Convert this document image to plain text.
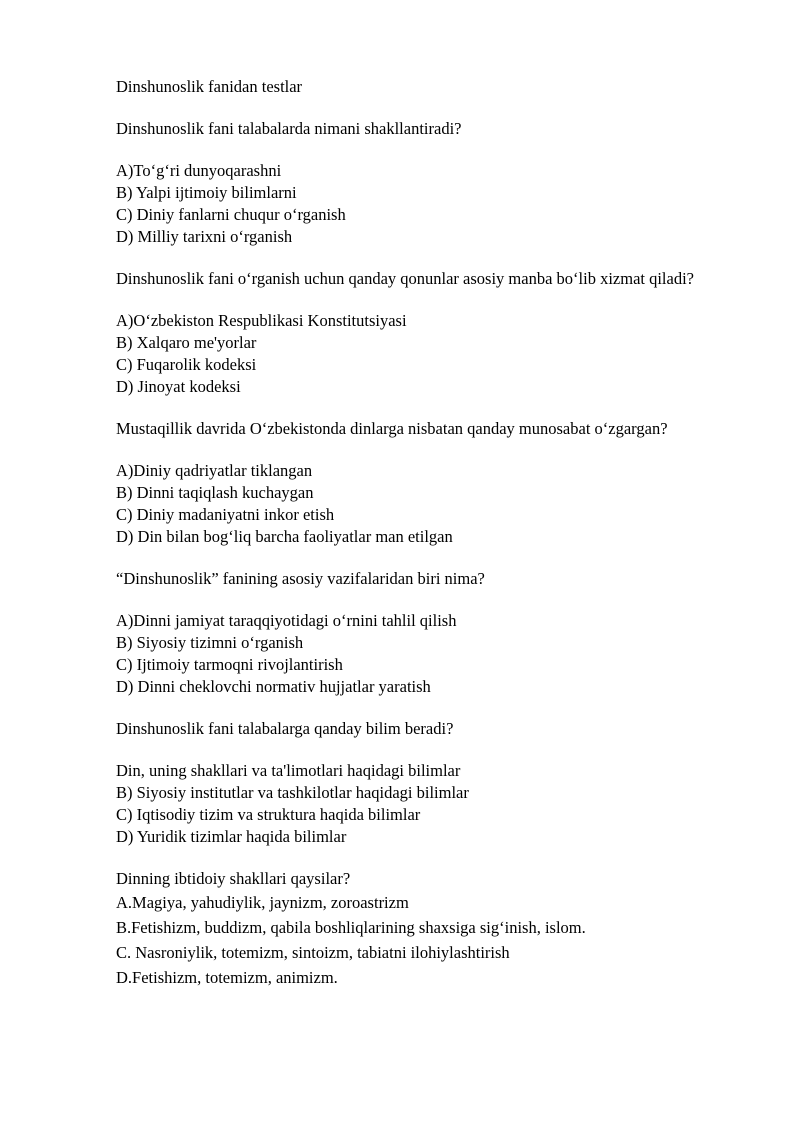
Dinshunoslik fanidan testlar
Dinshunoslik fani talabalarda nimani shakllantiradi?
A)To‘g‘ri dunyoqarashni
B) Yalpi ijtimoiy bilimlarni
C) Diniy fanlarni chuqur o‘rganish
D) Milliy tarixni o‘rganish
Dinshunoslik fani o‘rganish uchun qanday qonunlar asosiy manba bo‘lib xizmat qiladi?
A)O‘zbekiston Respublikasi Konstitutsiyasi
B) Xalqaro me'yorlar
C) Fuqarolik kodeksi
D) Jinoyat kodeksi
Mustaqillik davrida O‘zbekistonda dinlarga nisbatan qanday munosabat o‘zgargan?
A)Diniy qadriyatlar tiklangan
B) Dinni taqiqlash kuchaygan
C) Diniy madaniyatni inkor etish
D) Din bilan bog‘liq barcha faoliyatlar man etilgan
“Dinshunoslik” fanining asosiy vazifalaridan biri nima?
A)Dinni jamiyat taraqqiyotidagi o‘rnini tahlil qilish
B) Siyosiy tizimni o‘rganish
C) Ijtimoiy tarmoqni rivojlantirish
D) Dinni cheklovchi normativ hujjatlar yaratish
Dinshunoslik fani talabalarga qanday bilim beradi?
Din, uning shakllari va ta'limotlari haqidagi bilimlar
B) Siyosiy institutlar va tashkilotlar haqidagi bilimlar
C) Iqtisodiy tizim va struktura haqida bilimlar
D) Yuridik tizimlar haqida bilimlar
Dinning ibtidoiy shakllari qaysilar?
A.Magiya, yahudiylik, jaynizm, zoroastrizm
B.Fetishizm, buddizm, qabila boshliqlarining shaxsiga sig‘inish, islom.
C. Nasroniylik, totemizm, sintoizm, tabiatni ilohiylashtirish
D.Fetishizm, totemizm, animizm.
